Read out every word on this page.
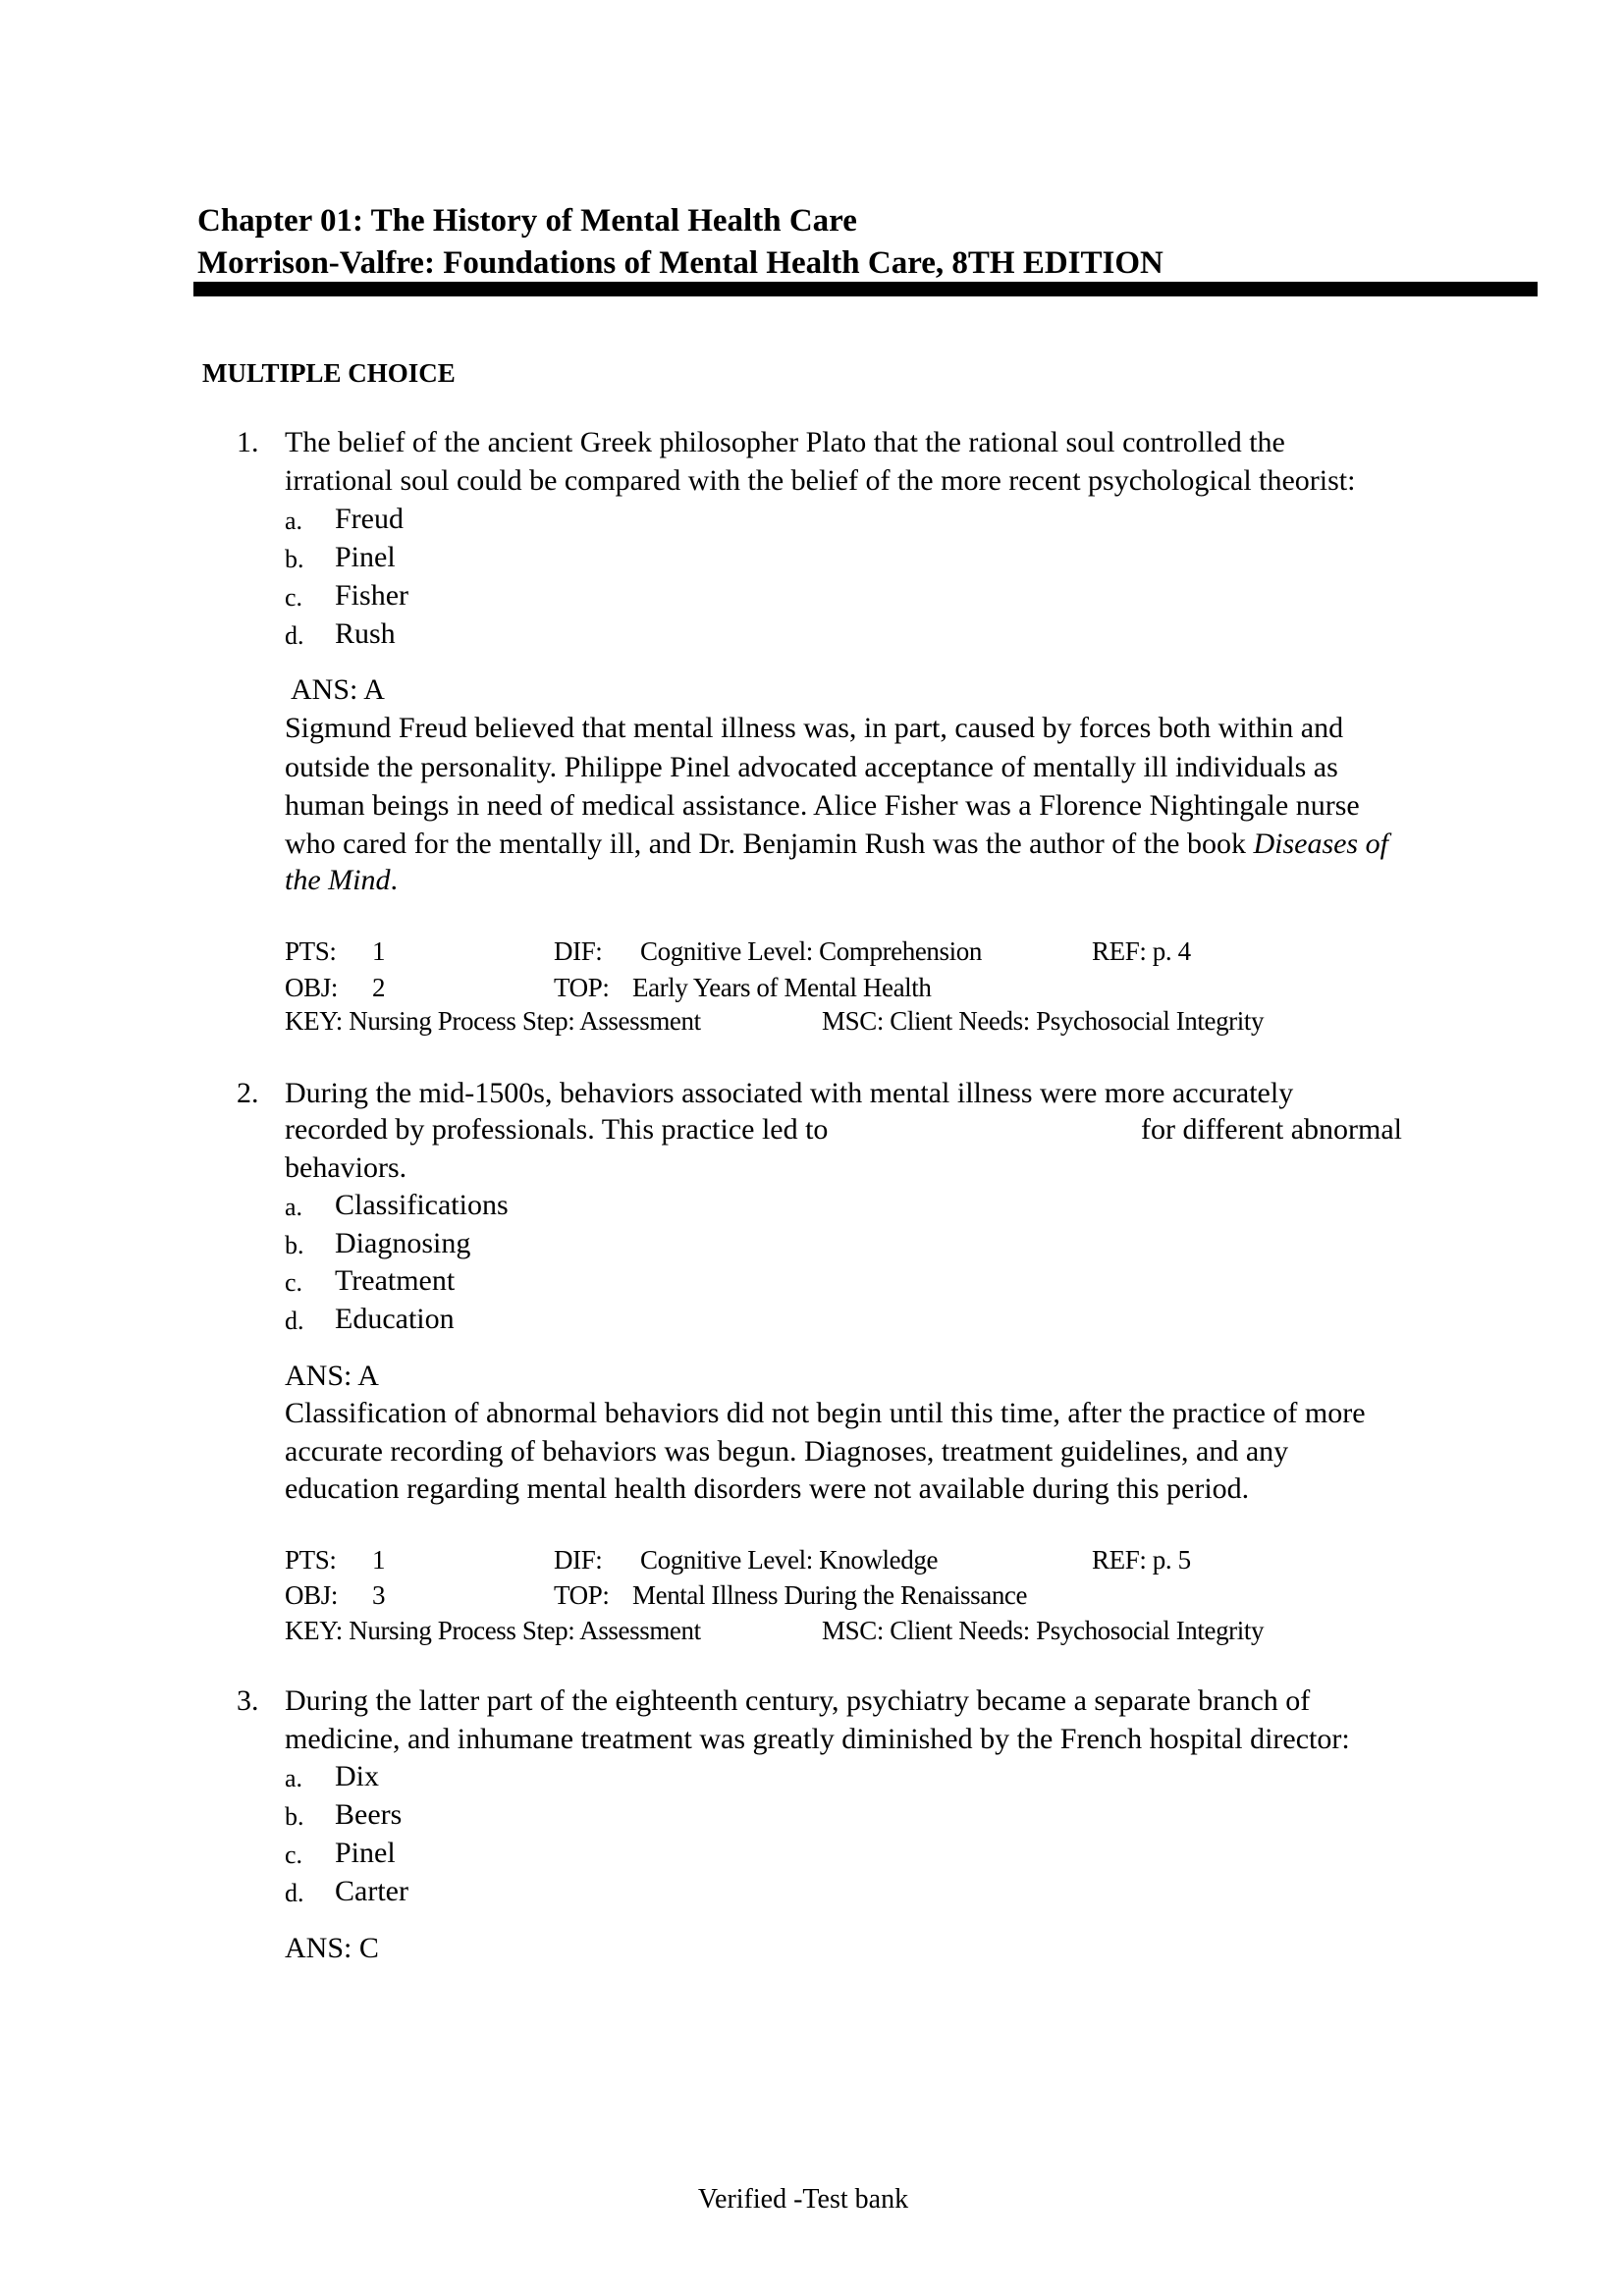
Chapter 01: The History of Mental Health Care
Morrison-Valfre: Foundations of Mental Health Care, 8TH EDITION
MULTIPLE CHOICE
1. The belief of the ancient Greek philosopher Plato that the rational soul controlled the
irrational soul could be compared with the belief of the more recent psychological theorist:
a. Freud
b. Pinel
c. Fisher
d. Rush
ANS: A
Sigmund Freud believed that mental illness was, in part, caused by forces both within and
outside the personality. Philippe Pinel advocated acceptance of mentally ill individuals as
human beings in need of medical assistance. Alice Fisher was a Florence Nightingale nurse
who cared for the mentally ill, and Dr. Benjamin Rush was the author of the book Diseases of
the Mind.
PTS: 1	DIF: Cognitive Level: Comprehension	REF: p. 4
OBJ: 2	TOP: Early Years of Mental Health
KEY: Nursing Process Step: Assessment	MSC: Client Needs: Psychosocial Integrity
2. During the mid-1500s, behaviors associated with mental illness were more accurately
recorded by professionals. This practice led to
behaviors.
for different abnormal
a. Classifications
b. Diagnosing
c. Treatment
d. Education
ANS: A
Classification of abnormal behaviors did not begin until this time, after the practice of more
accurate recording of behaviors was begun. Diagnoses, treatment guidelines, and any
education regarding mental health disorders were not available during this period.
PTS: 1	DIF: Cognitive Level: Knowledge	REF: p. 5
OBJ: 3	TOP: Mental Illness During the Renaissance
KEY: Nursing Process Step: Assessment	MSC: Client Needs: Psychosocial Integrity
3. During the latter part of the eighteenth century, psychiatry became a separate branch of
medicine, and inhumane treatment was greatly diminished by the French hospital director:
a. Dix
b. Beers
c. Pinel
d. Carter
ANS: C
Verified -Test bank
